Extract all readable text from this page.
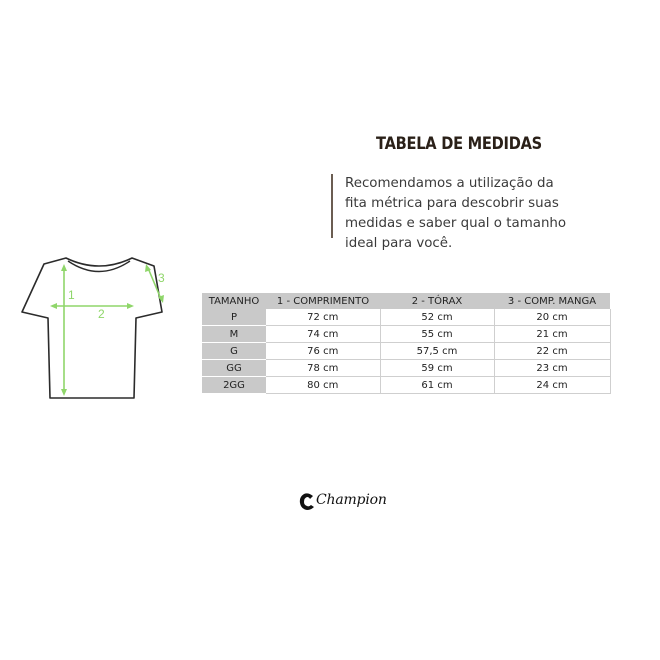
TABELA DE MEDIDAS
Recomendamos a utilização da fita métrica para descobrir suas medidas e saber qual o tamanho ideal para você.
1
2
3
TAMANHO	1 - COMPRIMENTO	2 - TÓRAX	3 - COMP. MANGA
P	72 cm	52 cm	20 cm
M	74 cm	55 cm	21 cm
G	76 cm	57,5 cm	22 cm
GG	78 cm	59 cm	23 cm
2GG	80 cm	61 cm	24 cm
Champion
